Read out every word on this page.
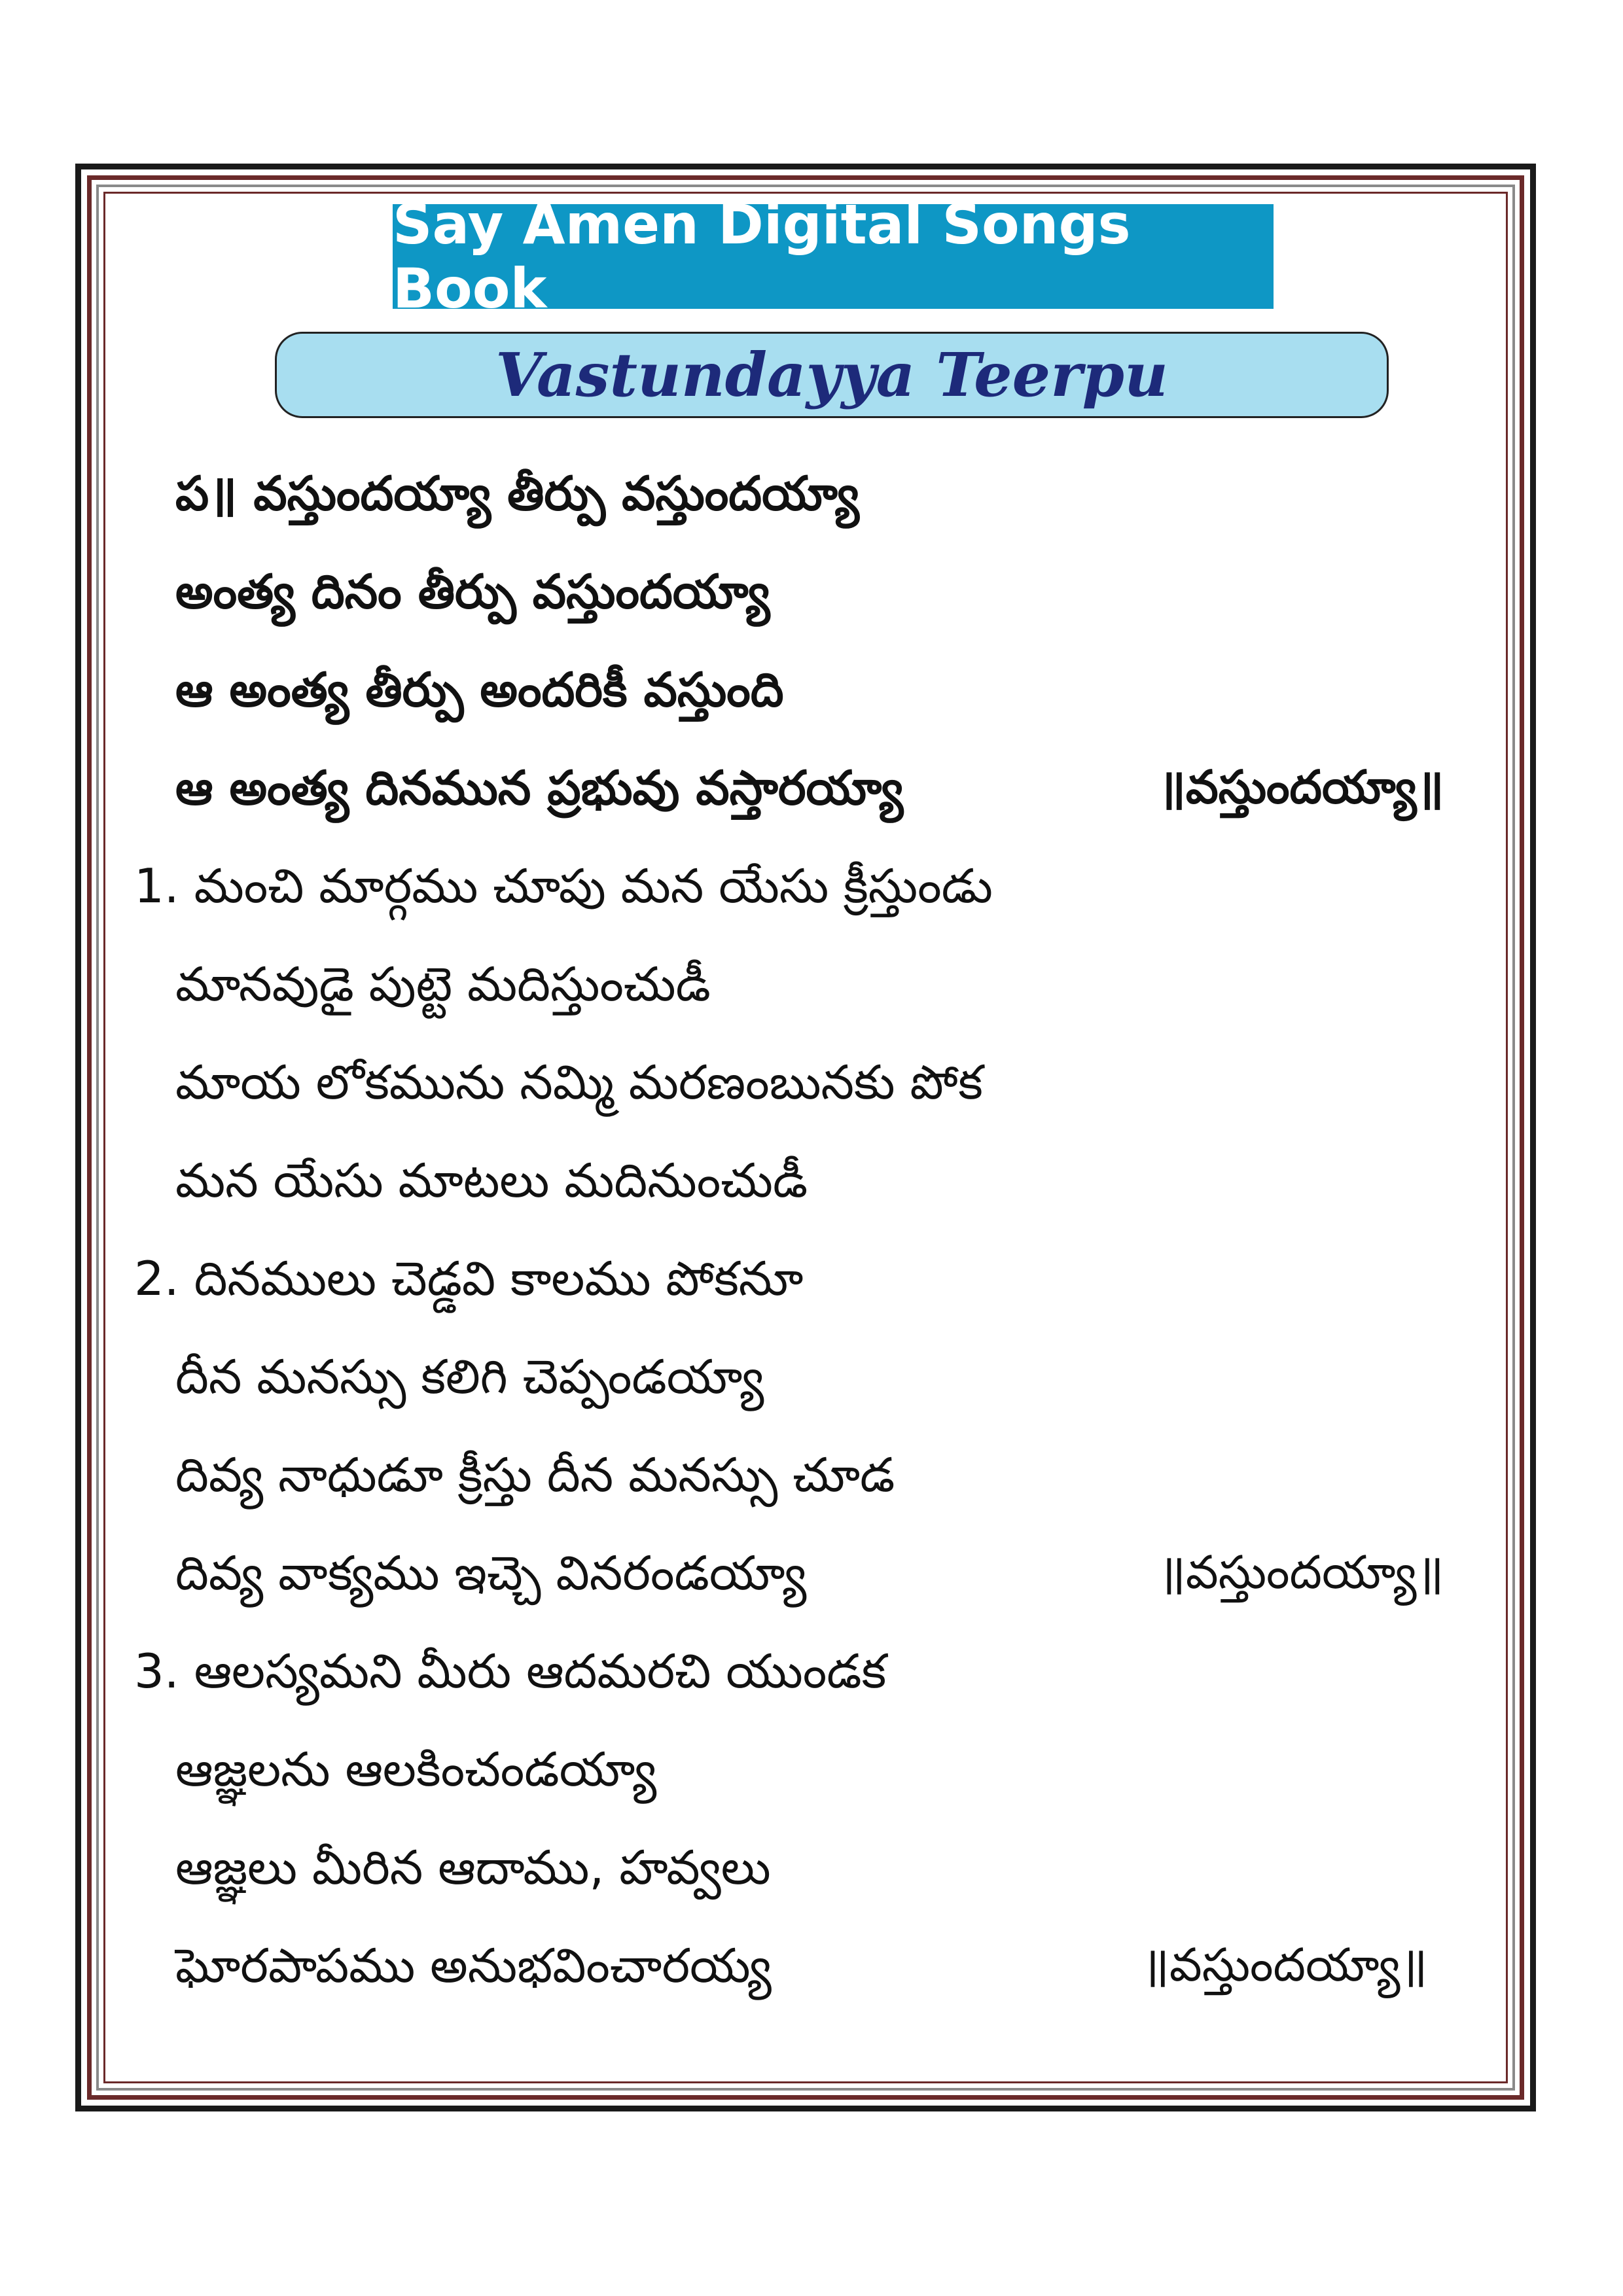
Say Amen Digital Songs Book
Vastundayya Teerpu
ప॥ వస్తుందయ్యా తీర్పు వస్తుందయ్యా
అంత్య దినం తీర్పు వస్తుందయ్యా
ఆ అంత్య తీర్పు అందరికీ వస్తుంది
ఆ అంత్య దినమున ప్రభువు వస్తారయ్యా	॥వస్తుందయ్యా॥
1. మంచి మార్గము చూపు మన యేసు క్రీస్తుండు
మానవుడై పుట్టె మదిస్తుంచుడీ
మాయ లోకమును నమ్మి మరణంబునకు పోక
మన యేసు మాటలు మదినుంచుడీ
2. దినములు చెడ్డవి కాలము పోకనూ
దీన మనస్సు కలిగి చెప్పండయ్యా
దివ్య నాధుడూ క్రీస్తు దీన మనస్సు చూడ
దివ్య వాక్యము ఇచ్చె వినరండయ్యా	॥వస్తుందయ్యా॥
3. ఆలస్యమని మీరు ఆదమరచి యుండక
ఆజ్ఞలను ఆలకించండయ్యా
ఆజ్ఞలు మీరిన ఆదాము, హవ్వలు
ఘోరపాపము అనుభవించారయ్య	॥వస్తుందయ్యా॥
